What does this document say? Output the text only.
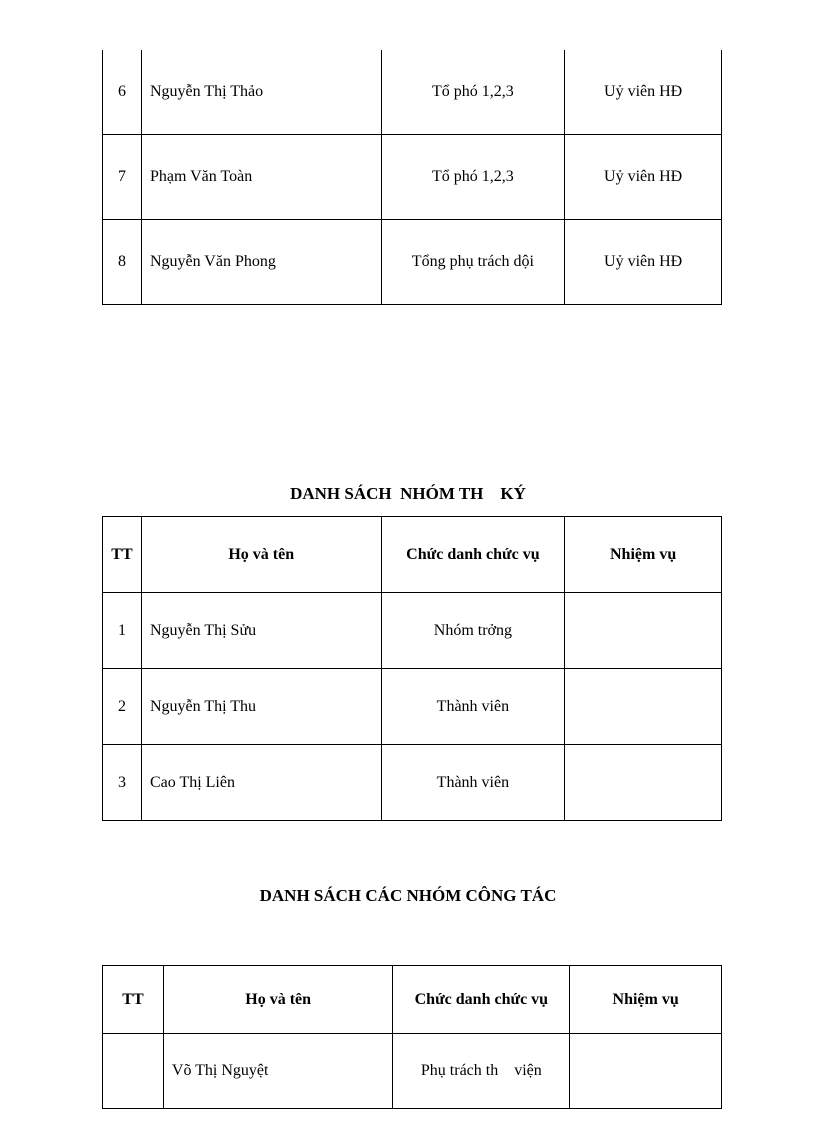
6	Nguyễn Thị Thảo	Tổ phó 1,2,3	Uỷ viên HĐ
7	Phạm Văn Toàn	Tổ phó 1,2,3	Uỷ viên HĐ
8	Nguyễn Văn Phong	Tổng phụ trách dội	Uỷ viên HĐ
DANH SÁCH  NHÓM TH    KÝ
TT	Họ và tên	Chức danh chức vụ	Nhiệm vụ
1	Nguyễn Thị Sửu	Nhóm trởng	
2	Nguyễn Thị Thu	Thành viên	
3	Cao Thị Liên	Thành viên	
DANH SÁCH CÁC NHÓM CÔNG TÁC
TT	Họ và tên	Chức danh chức vụ	Nhiệm vụ
	Võ Thị Nguyệt	Phụ trách th    viện	
